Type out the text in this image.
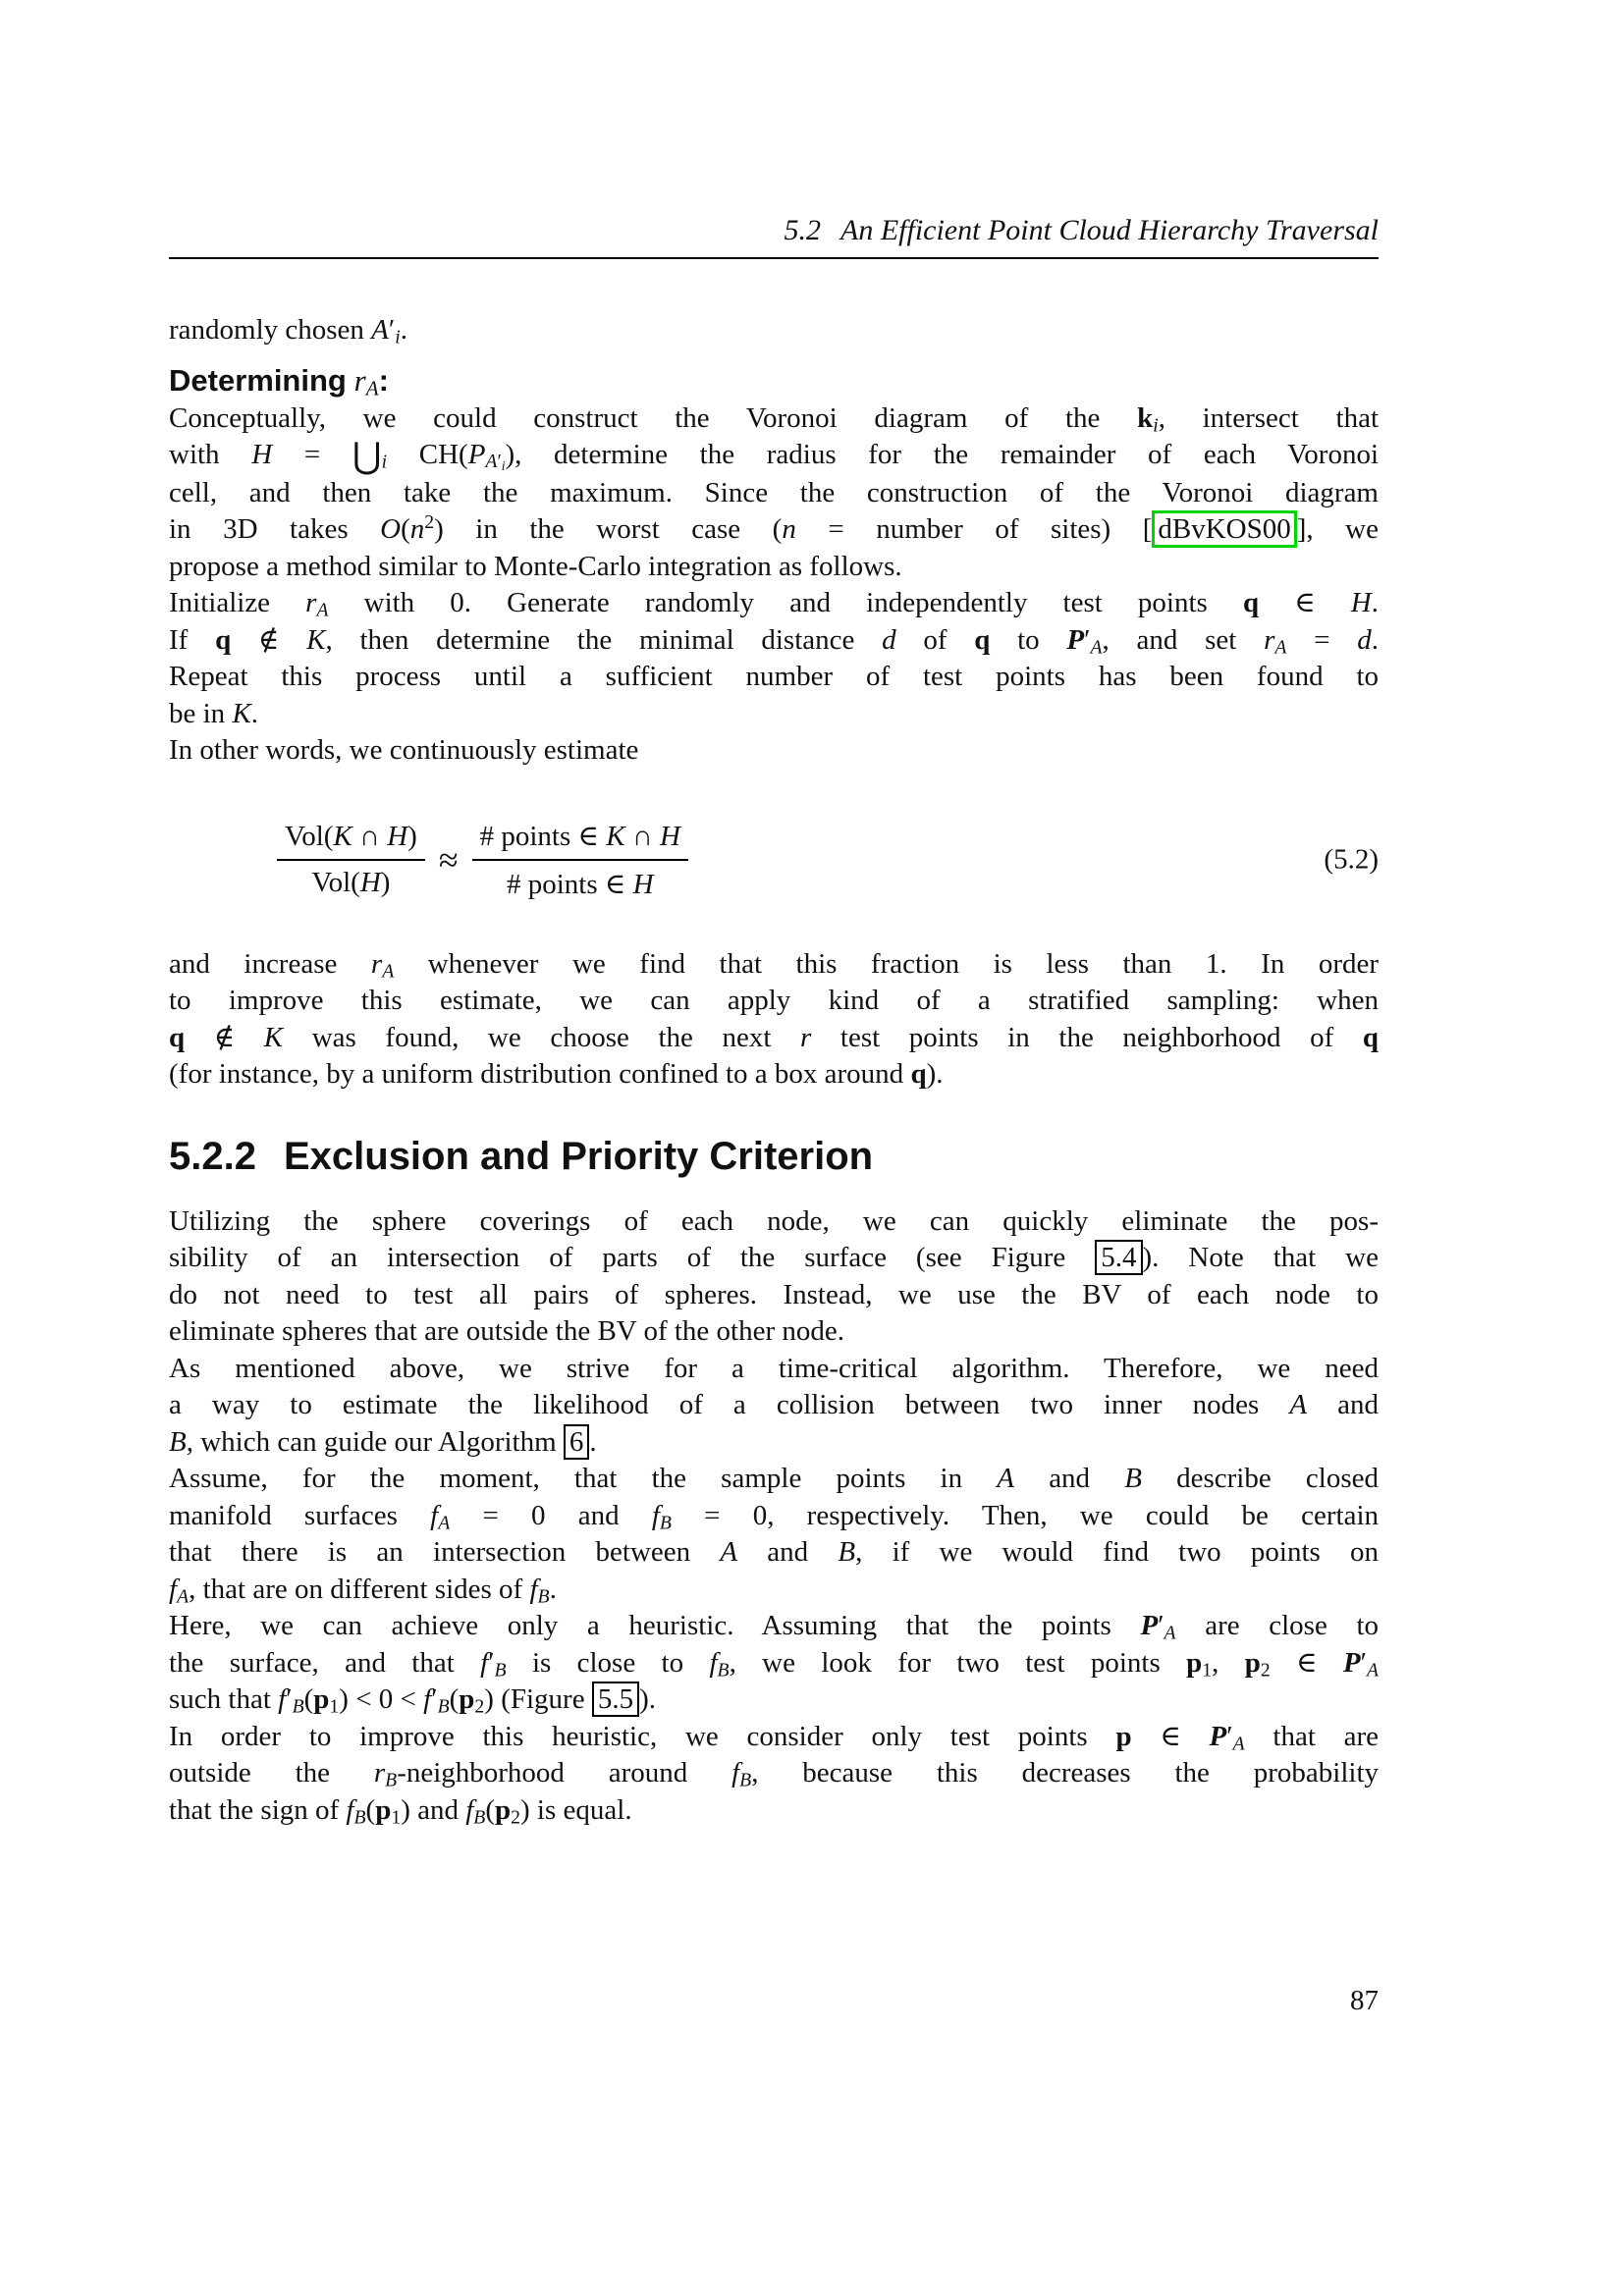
5.2 An Efficient Point Cloud Hierarchy Traversal
randomly chosen $A'_i$.
Determining $r_A$:
Conceptually, we could construct the Voronoi diagram of the $k_i$, intersect that
with $H = ⋃_i$ $CH(P_{A'_i})$, determine the radius for the remainder of each Voronoi
cell, and then take the maximum. Since the construction of the Voronoi diagram
in 3D takes $O(n^2)$ in the worst case (n = number of sites) [ dBvKOS00 ], we
propose a method similar to Monte-Carlo integration as follows.
Initialize $r_A$ with 0. Generate randomly and independently test points q ∈ H.
If q ∉ K, then determine the minimal distance d of q to $P'_A$, and set $r_A = d$.
Repeat this process until a sufficient number of test points has been found to
be in K.
In other words, we continuously estimate
$\frac{\text{Vol(K ∩ H)}}{\text{Vol(H)}} \approx \frac{\text{\# points ∈ K ∩ H}}{\text{\# points ∈ H}}$	(5.2)
and increase $r_A$ whenever we find that this fraction is less than 1. In order
to improve this estimate, we can apply kind of a stratified sampling: when
q ∉ K was found, we choose the next r test points in the neighborhood of q
(for instance, by a uniform distribution confined to a box around q).
5.2.2 Exclusion and Priority Criterion
Utilizing the sphere coverings of each node, we can quickly eliminate the pos-
sibility of an intersection of parts of the surface (see Figure 5.4 ). Note that we
do not need to test all pairs of spheres. Instead, we use the BV of each node to
eliminate spheres that are outside the BV of the other node.
As mentioned above, we strive for a time-critical algorithm. Therefore, we need
a way to estimate the likelihood of a collision between two inner nodes A and
B, which can guide our Algorithm 6 .
Assume, for the moment, that the sample points in A and B describe closed
manifold surfaces $f_A = 0$ and $f_B = 0$, respectively. Then, we could be certain
that there is an intersection between A and B, if we would find two points on
$f_A$, that are on different sides of $f_B$.
Here, we can achieve only a heuristic. Assuming that the points $P'_A$ are close to
the surface, and that $f'_B$ is close to $f_B$, we look for two test points $p_1$, $p_2$ ∈ $P'_A$
such that $f'_B(p_1) < 0 < f'_B(p_2)$ (Figure 5.5 ).
In order to improve this heuristic, we consider only test points p ∈ $P'_A$ that are
outside the $r_B$-neighborhood around $f_B$, because this decreases the probability
that the sign of $f_B(p_1)$ and $f_B(p_2)$ is equal.
87
